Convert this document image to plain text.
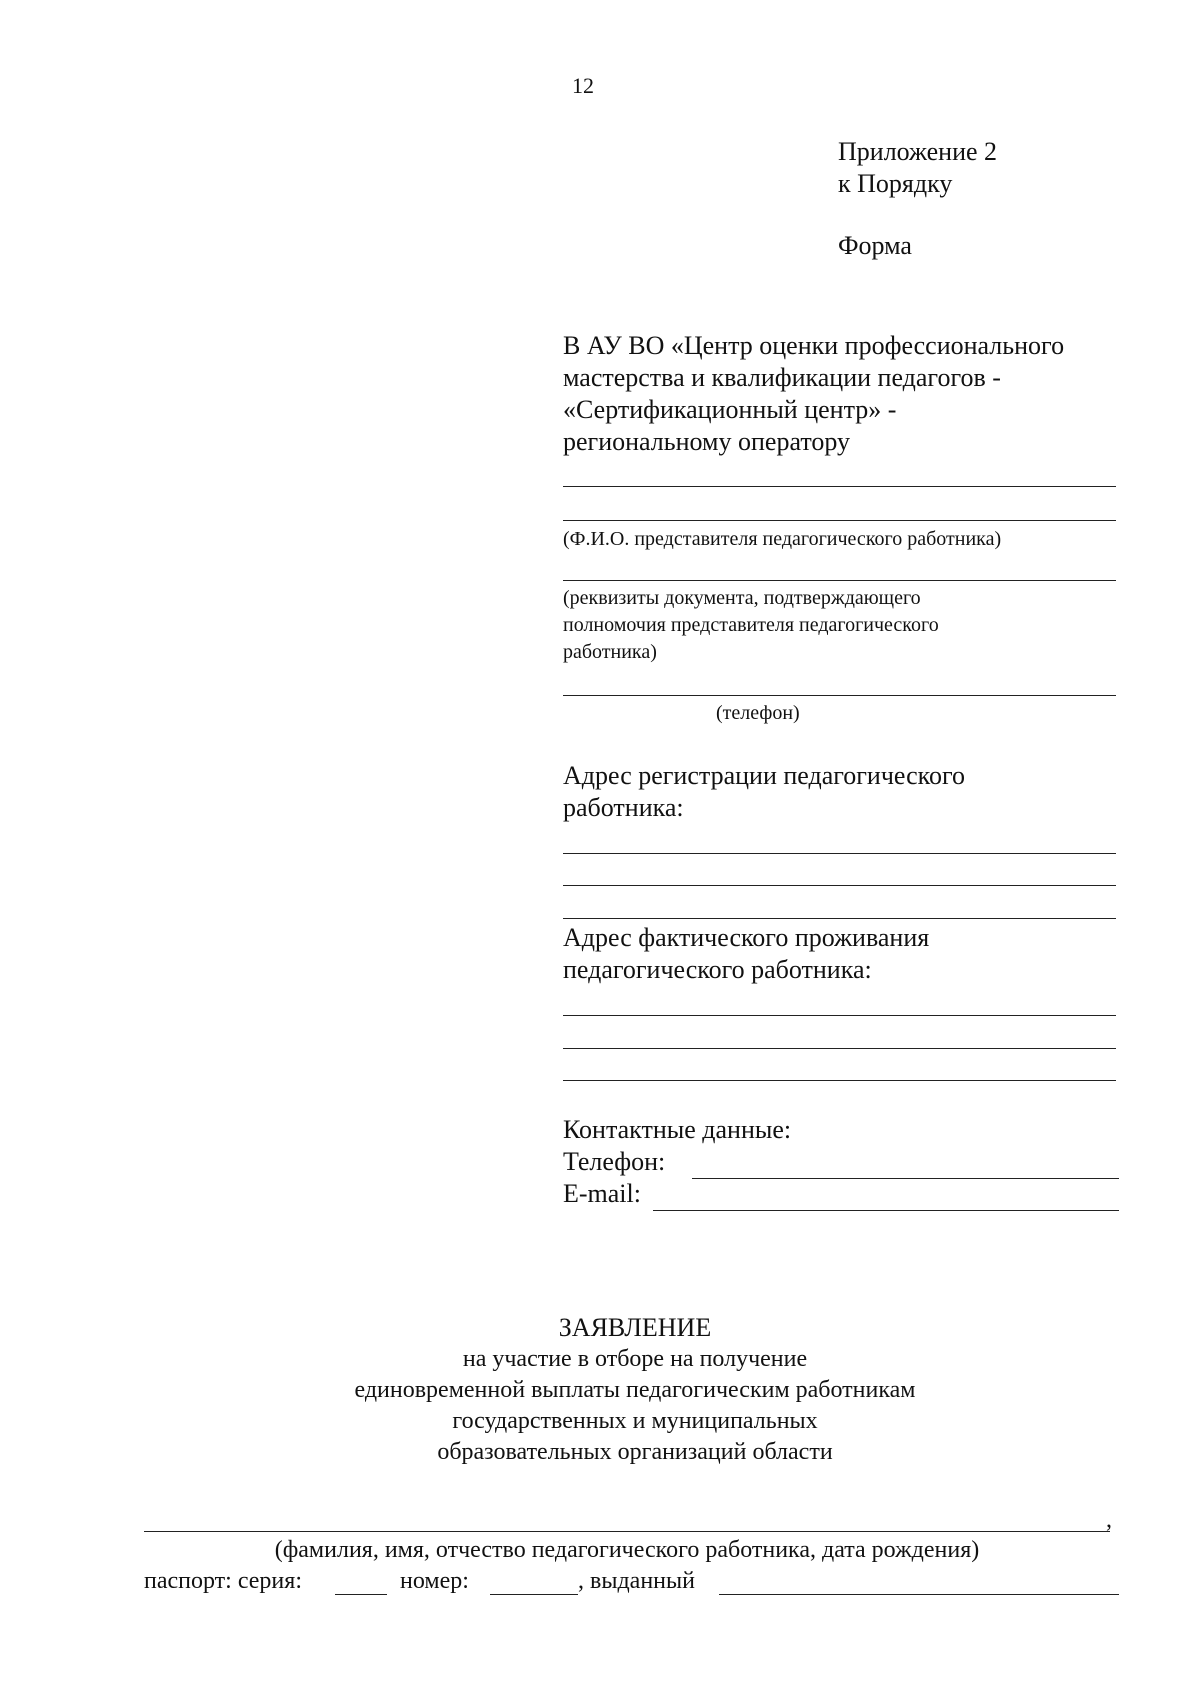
12
Приложение 2
к Порядку
Форма
В АУ ВО «Центр оценки профессионального
мастерства и квалификации педагогов -
«Сертификационный центр» -
региональному оператору
(Ф.И.О. представителя педагогического работника)
(реквизиты документа, подтверждающего
полномочия представителя педагогического
работника)
(телефон)
Адрес регистрации педагогического
работника:
Адрес фактического проживания
педагогического работника:
Контактные данные:
Телефон:
E-mail:
ЗАЯВЛЕНИЕ
на участие в отборе на получение
единовременной выплаты педагогическим работникам
государственных и муниципальных
образовательных организаций области
,
(фамилия, имя, отчество педагогического работника, дата рождения)
паспорт: серия:	номер:	, выданный
